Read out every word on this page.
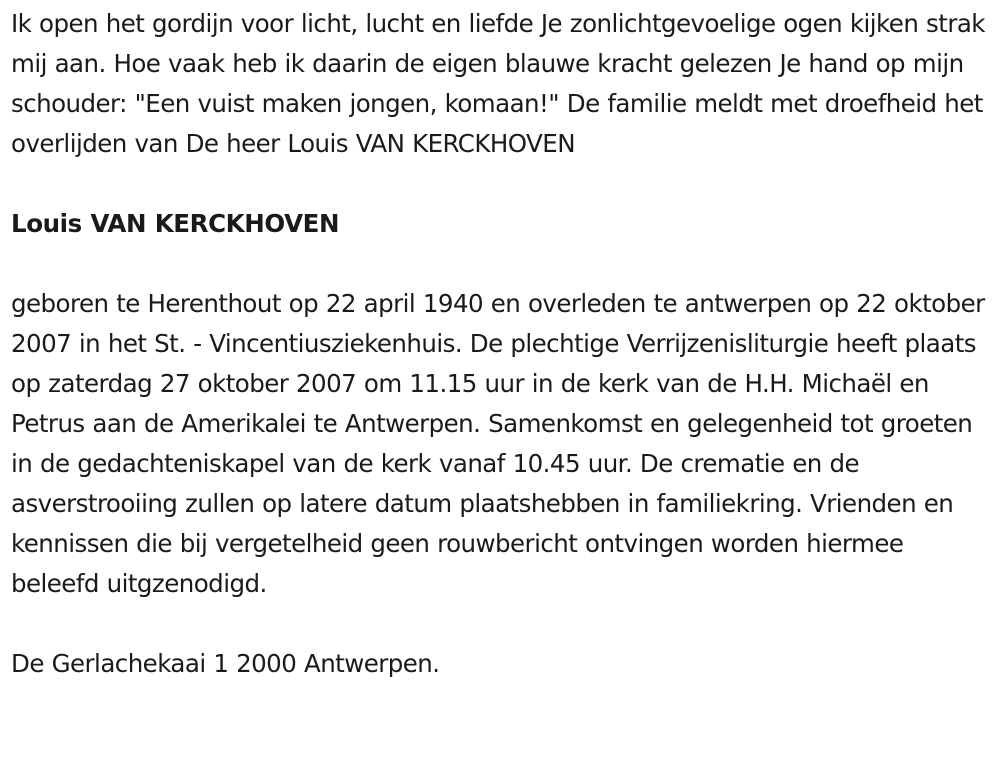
Ik open het gordijn voor licht, lucht en liefde Je zonlichtgevoelige ogen kijken strak mij aan. Hoe vaak heb ik daarin de eigen blauwe kracht gelezen Je hand op mijn schouder: "Een vuist maken jongen, komaan!" De familie meldt met droefheid het overlijden van De heer Louis VAN KERCKHOVEN

Louis VAN KERCKHOVEN

geboren te Herenthout op 22 april 1940 en overleden te antwerpen op 22 oktober 2007 in het St. - Vincentiusziekenhuis. De plechtige Verrijzenisliturgie heeft plaats op zaterdag 27 oktober 2007 om 11.15 uur in de kerk van de H.H. Michaël en Petrus aan de Amerikalei te Antwerpen. Samenkomst en gelegenheid tot groeten in de gedachteniskapel van de kerk vanaf 10.45 uur. De crematie en de asverstrooiing zullen op latere datum plaatshebben in familiekring. Vrienden en kennissen die bij vergetelheid geen rouwbericht ontvingen worden hiermee beleefd uitgzenodigd.

De Gerlachekaai 1 2000 Antwerpen.
